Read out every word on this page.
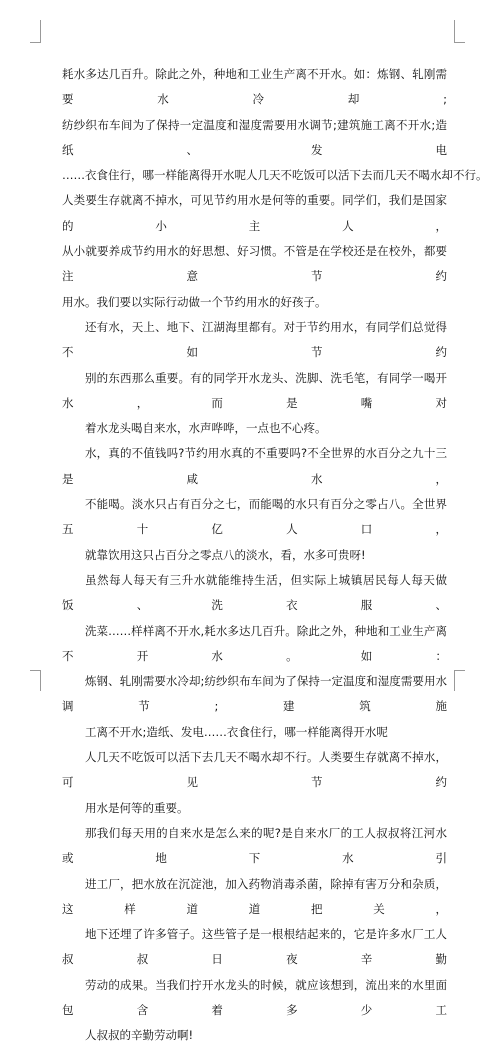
耗水多达几百升。除此之外，种地和工业生产离不开水。如：炼钢、轧刚需要水冷却;
纺纱织布车间为了保持一定温度和湿度需要用水调节;建筑施工离不开水;造纸、发电
……衣食住行，哪一样能离得开水呢人几天不吃饭可以活下去而几天不喝水却不行。

人类要生存就离不掉水，可见节约用水是何等的重要。同学们，我们是国家的小主人，
从小就要养成节约用水的好思想、好习惯。不管是在学校还是在校外，都要注意节约
用水。我们要以实际行动做一个节约用水的好孩子。

还有水，天上、地下、江湖海里都有。对于节约用水，有同学们总觉得不如节约
别的东西那么重要。有的同学开水龙头、洗脚、洗毛笔，有同学一喝开水，而是嘴对
着水龙头喝自来水，水声哗哗，一点也不心疼。

水，真的不值钱吗?节约用水真的不重要吗?不全世界的水百分之九十三是咸水，
不能喝。淡水只占有百分之七，而能喝的水只有百分之零占八。全世界五十亿人口，
就靠饮用这只占百分之零点八的淡水，看，水多可贵呀!

虽然每人每天有三升水就能维持生活，但实际上城镇居民每人每天做饭、洗衣服、
洗菜……样样离不开水,耗水多达几百升。除此之外，种地和工业生产离不开水。如：
炼钢、轧刚需要水冷却;纺纱织布车间为了保持一定温度和湿度需要用水调节;建筑施
工离不开水;造纸、发电……衣食住行，哪一样能离得开水呢

人几天不吃饭可以活下去几天不喝水却不行。人类要生存就离不掉水，可见节约
用水是何等的重要。

那我们每天用的自来水是怎么来的呢?是自来水厂的工人叔叔将江河水或地下水引
进工厂，把水放在沉淀池，加入药物消毒杀菌，除掉有害万分和杂质，这样道道把关，
地下还埋了许多管子。这些管子是一根根结起来的，它是许多水厂工人叔叔日夜辛勤
劳动的成果。当我们拧开水龙头的时候，就应该想到，流出来的水里面包含着多少工
人叔叔的辛勤劳动啊!
